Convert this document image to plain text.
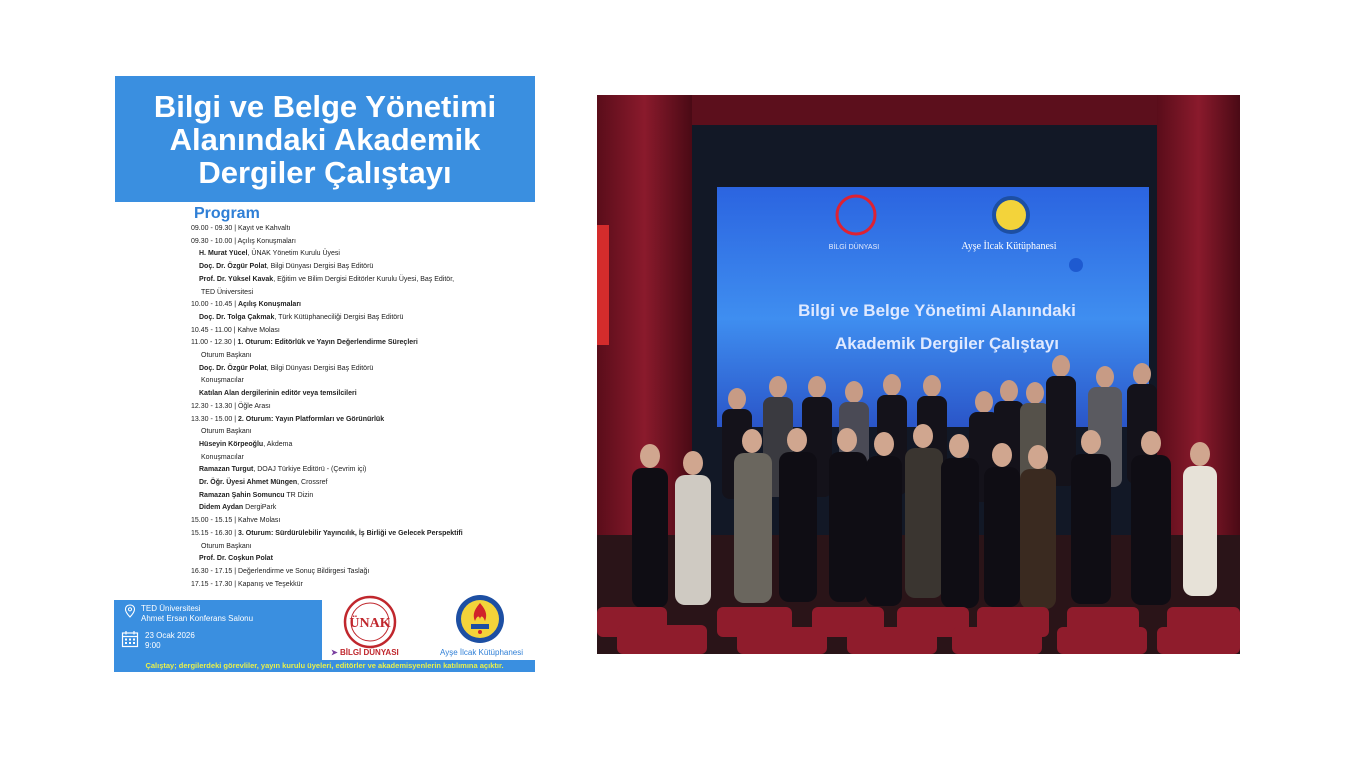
Bilgi ve Belge Yönetimi
Alanındaki Akademik
Dergiler Çalıştayı
Program
09.00 - 09.30 | Kayıt ve Kahvaltı
09.30 - 10.00 | Açılış Konuşmaları
H. Murat Yücel, ÜNAK Yönetim Kurulu Üyesi
Doç. Dr. Özgür Polat, Bilgi Dünyası Dergisi Baş Editörü
Prof. Dr. Yüksel Kavak, Eğitim ve Bilim Dergisi Editörler Kurulu Üyesi, Baş Editör,
TED Üniversitesi
10.00 - 10.45 | Açılış Konuşmaları
Doç. Dr. Tolga Çakmak, Türk Kütüphaneciliği Dergisi Baş Editörü
10.45 - 11.00 | Kahve Molası
11.00 - 12.30 | 1. Oturum: Editörlük ve Yayın Değerlendirme Süreçleri
Oturum Başkanı
Doç. Dr. Özgür Polat, Bilgi Dünyası Dergisi Baş Editörü
Konuşmacılar
Katılan Alan dergilerinin editör veya temsilcileri
12.30 - 13.30 | Öğle Arası
13.30 - 15.00 | 2. Oturum: Yayın Platformları ve Görünürlük
Oturum Başkanı
Hüseyin Körpeoğlu, Akdema
Konuşmacılar
Ramazan Turgut, DOAJ Türkiye Editörü - (Çevrim içi)
Dr. Öğr. Üyesi Ahmet Müngen, Crossref
Ramazan Şahin Somuncu TR Dizin
Didem Aydan DergiPark
15.00 - 15.15 | Kahve Molası
15.15 - 16.30 | 3. Oturum: Sürdürülebilir Yayıncılık, İş Birliği ve Gelecek Perspektifi
Oturum Başkanı
Prof. Dr. Coşkun Polat
16.30 - 17.15 | Değerlendirme ve Sonuç Bildirgesi Taslağı
17.15 - 17.30 | Kapanış ve Teşekkür
TED Üniversitesi
Ahmet Ersan Konferans Salonu
23 Ocak 2026
9:00
ÜNAK
➤ BİLGİ DÜNYASI	Ayşe İlcak Kütüphanesi
Çalıştay; dergilerdeki görevliler, yayın kurulu üyeleri, editörler ve akademisyenlerin katılımına açıktır.
BİLGİ DÜNYASI	Ayşe İlcak Kütüphanesi
Bilgi ve Belge Yönetimi Alanındaki
Akademik Dergiler Çalıştayı
